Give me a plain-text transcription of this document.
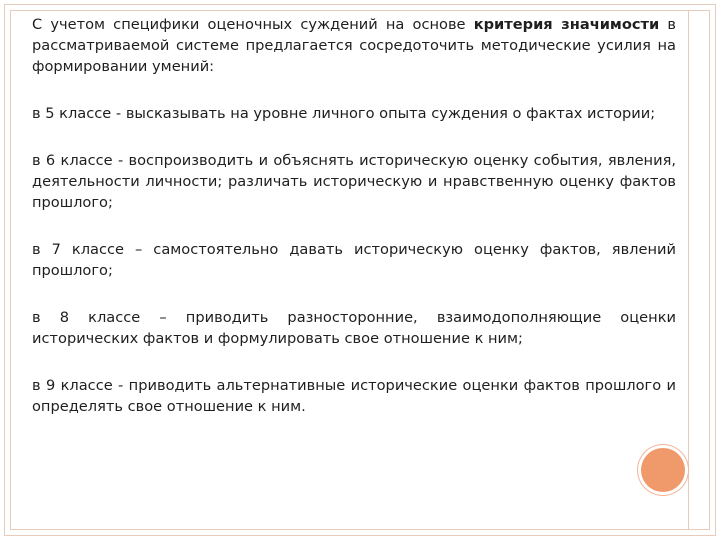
С учетом специфики оценочных суждений на основе критерия значимости в рассматриваемой системе предлагается сосредоточить методические усилия на формировании умений:

в 5 классе - высказывать на уровне личного опыта суждения о фактах истории;

в 6 классе - воспроизводить и объяснять историческую оценку события, явления, деятельности личности; различать историческую и нравственную оценку фактов прошлого;

в 7 классе – самостоятельно давать историческую оценку фактов, явлений прошлого;

в 8 классе – приводить разносторонние, взаимодополняющие оценки исторических фактов и формулировать свое отношение к ним;

в 9 классе - приводить альтернативные исторические оценки фактов прошлого и определять свое отношение к ним.
